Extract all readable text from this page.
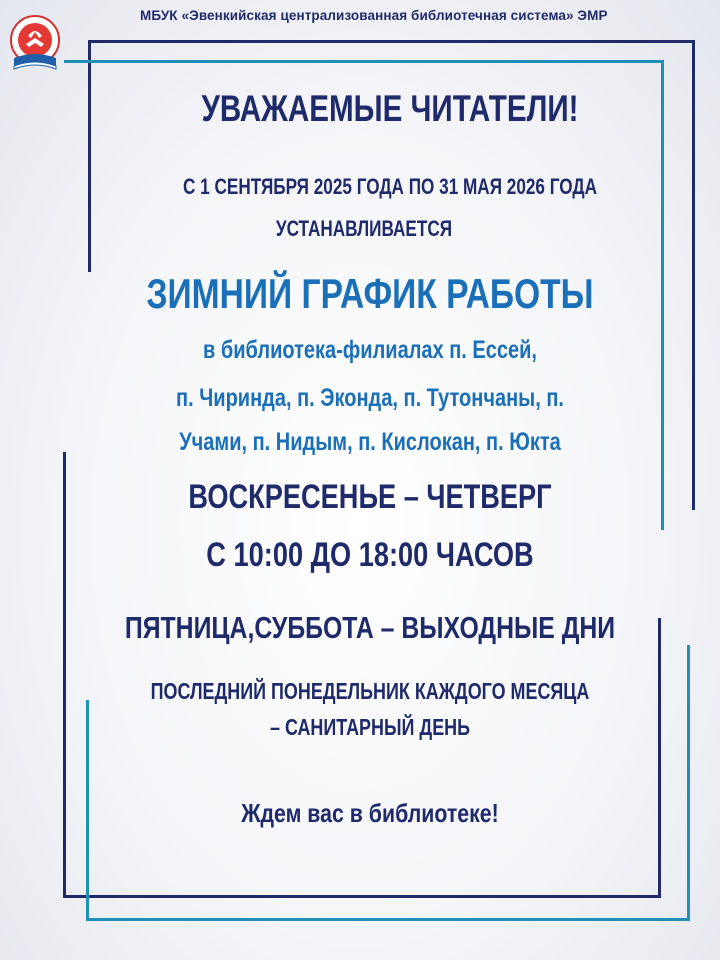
МБУК «Эвенкийская централизованная библиотечная система» ЭМР
УВАЖАЕМЫЕ ЧИТАТЕЛИ!
С 1 СЕНТЯБРЯ 2025 ГОДА ПО 31 МАЯ 2026 ГОДА
УСТАНАВЛИВАЕТСЯ
ЗИМНИЙ ГРАФИК РАБОТЫ
в библиотека-филиалах п. Ессей,
п. Чиринда, п. Эконда, п. Тутончаны, п.
Учами, п. Нидым, п. Кислокан, п. Юкта
ВОСКРЕСЕНЬЕ – ЧЕТВЕРГ
С 10:00 ДО 18:00 ЧАСОВ
ПЯТНИЦА,СУББОТА – ВЫХОДНЫЕ ДНИ
ПОСЛЕДНИЙ ПОНЕДЕЛЬНИК КАЖДОГО МЕСЯЦА
– САНИТАРНЫЙ ДЕНЬ
Ждем вас в библиотеке!
